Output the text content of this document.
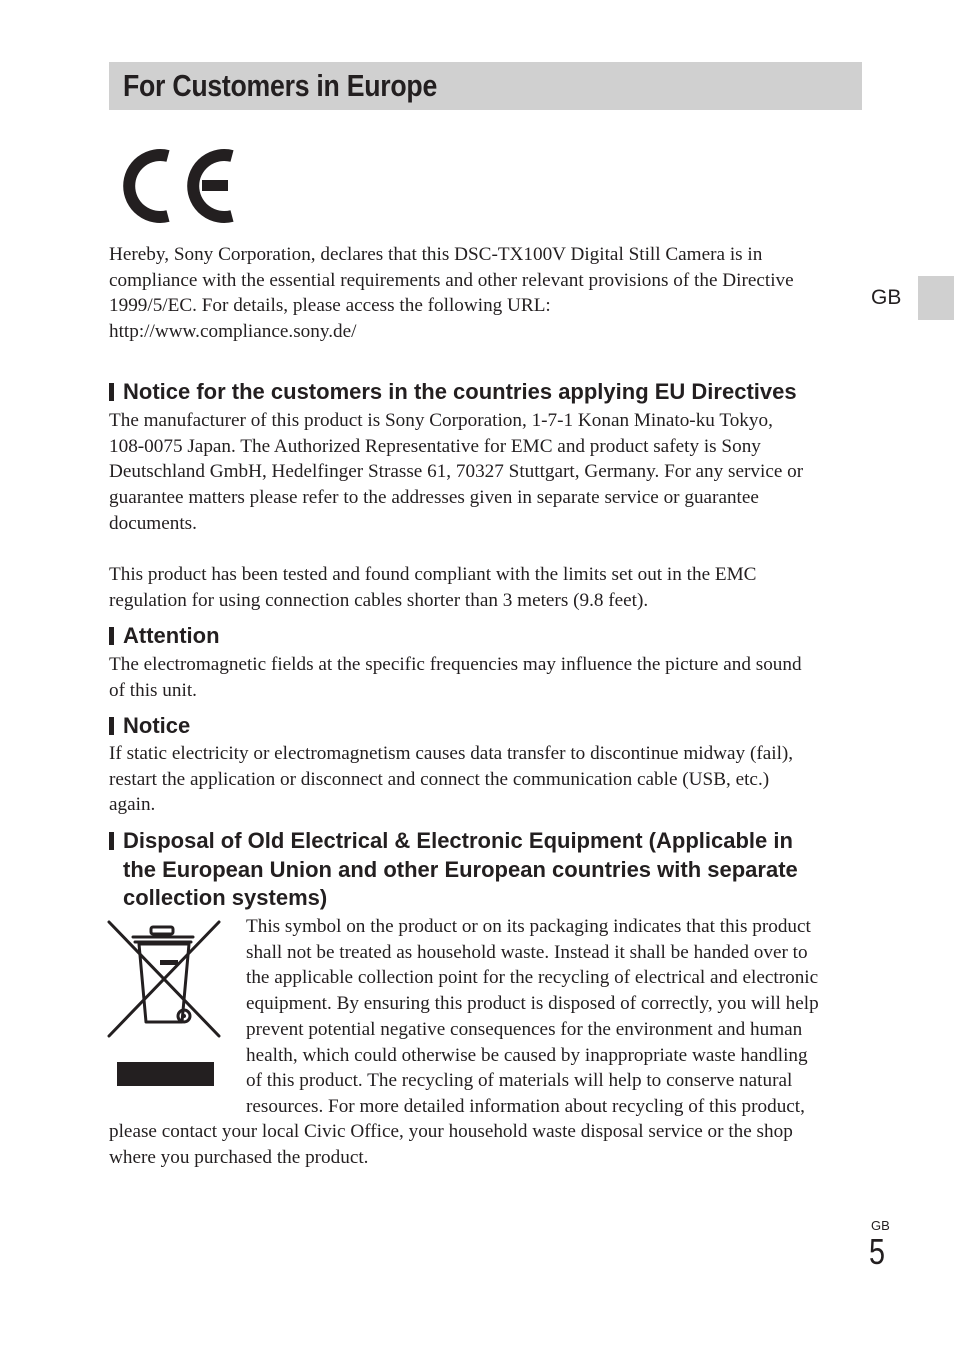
For Customers in Europe
GB
Hereby, Sony Corporation, declares that this DSC-TX100V Digital Still Camera is in
compliance with the essential requirements and other relevant provisions of the Directive
1999/5/EC. For details, please access the following URL:
http://www.compliance.sony.de/
Notice for the customers in the countries applying EU Directives
The manufacturer of this product is Sony Corporation, 1-7-1 Konan Minato-ku Tokyo,
108-0075 Japan. The Authorized Representative for EMC and product safety is Sony
Deutschland GmbH, Hedelfinger Strasse 61, 70327 Stuttgart, Germany. For any service or
guarantee matters please refer to the addresses given in separate service or guarantee
documents.
This product has been tested and found compliant with the limits set out in the EMC
regulation for using connection cables shorter than 3 meters (9.8 feet).
Attention
The electromagnetic fields at the specific frequencies may influence the picture and sound
of this unit.
Notice
If static electricity or electromagnetism causes data transfer to discontinue midway (fail),
restart the application or disconnect and connect the communication cable (USB, etc.)
again.
Disposal of Old Electrical & Electronic Equipment (Applicable in
the European Union and other European countries with separate
collection systems)
This symbol on the product or on its packaging indicates that this product
shall not be treated as household waste. Instead it shall be handed over to
the applicable collection point for the recycling of electrical and electronic
equipment. By ensuring this product is disposed of correctly, you will help
prevent potential negative consequences for the environment and human
health, which could otherwise be caused by inappropriate waste handling
of this product. The recycling of materials will help to conserve natural
resources. For more detailed information about recycling of this product,
please contact your local Civic Office, your household waste disposal service or the shop
where you purchased the product.
GB
5
